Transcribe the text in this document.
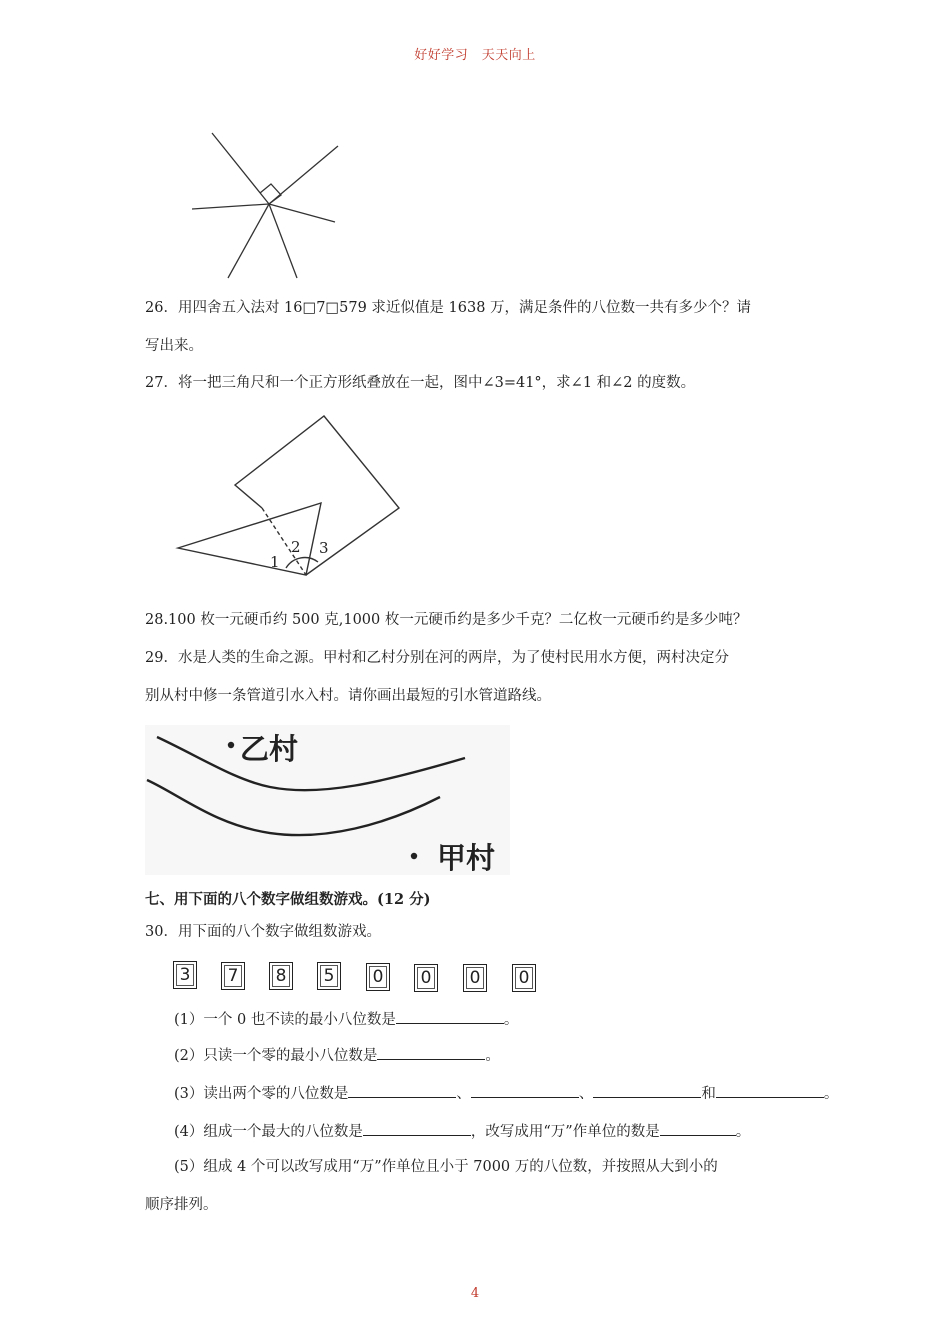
好好学习　天天向上
26．用四舍五入法对 16□7□579 求近似值是 1638 万，满足条件的八位数一共有多少个？请
写出来。
27．将一把三角尺和一个正方形纸叠放在一起，图中∠3=41°，求∠1 和∠2 的度数。
1
2 3
28.100 枚一元硬币约 500 克,1000 枚一元硬币约是多少千克？二亿枚一元硬币约是多少吨？
29．水是人类的生命之源。甲村和乙村分别在河的两岸，为了使村民用水方便，两村决定分
别从村中修一条管道引水入村。请你画出最短的引水管道路线。
乙村
甲村
七、用下面的八个数字做组数游戏。(12 分)
30．用下面的八个数字做组数游戏。
3	7	8	5	0	0	0	0
(1）一个 0 也不读的最小八位数是	。
(2）只读一个零的最小八位数是	。
(3）读出两个零的八位数是	、	、	和	。
(4）组成一个最大的八位数是	，改写成用“万”作单位的数是	。
(5）组成 4 个可以改写成用“万”作单位且小于 7000 万的八位数，并按照从大到小的
顺序排列。
4
